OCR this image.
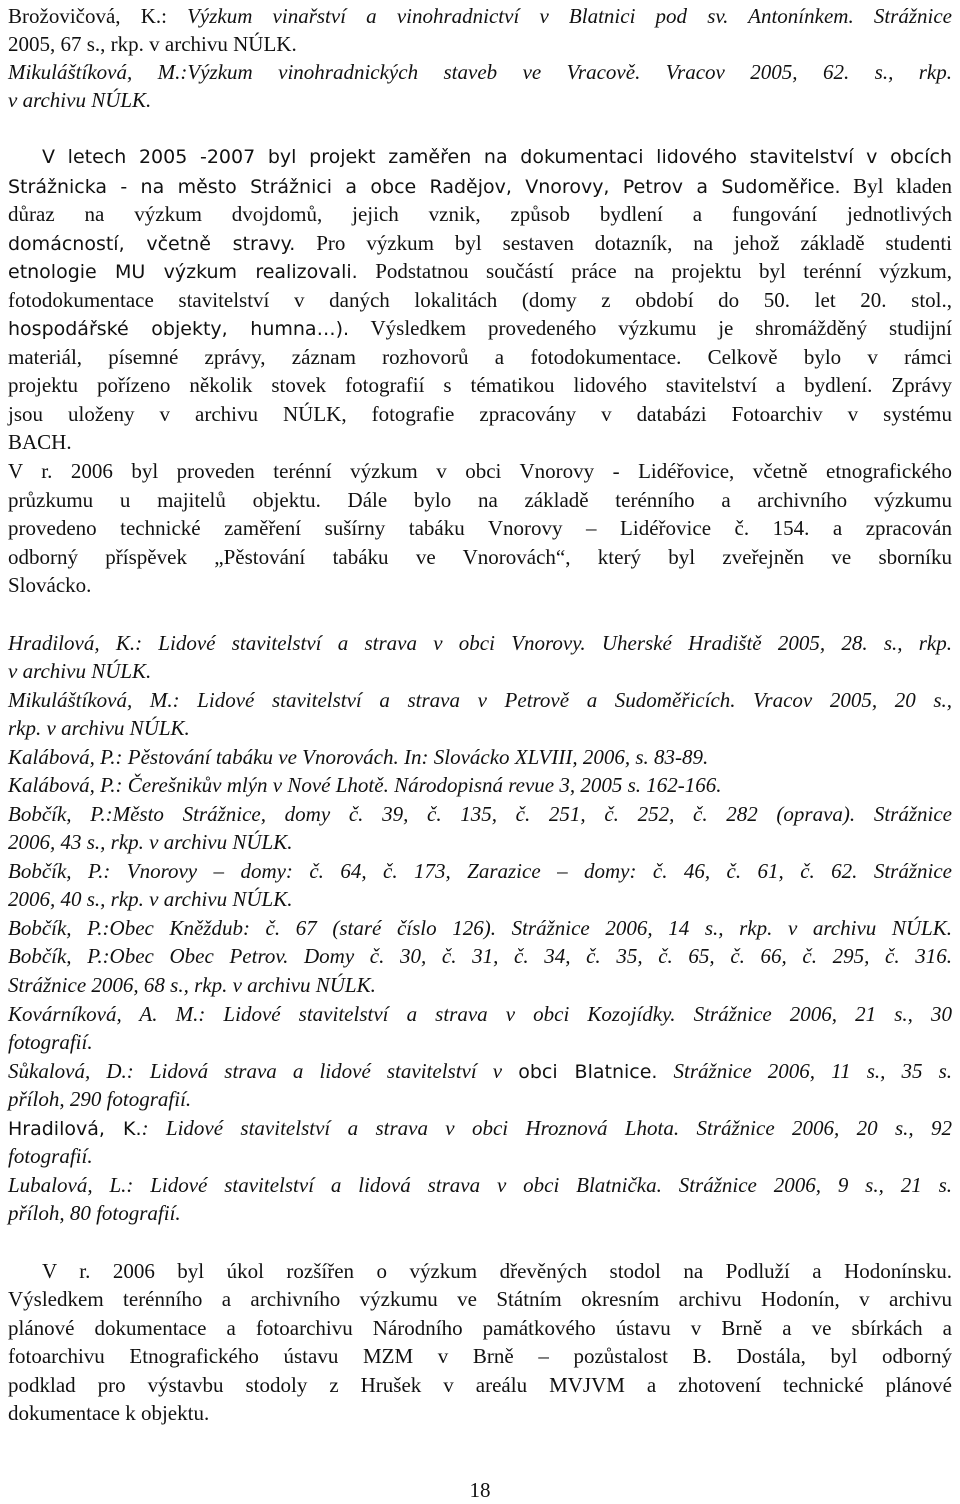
Brožovičová, K.: Výzkum vinařství a vinohradnictví v Blatnici pod sv. Antonínkem. Strážnice
2005, 67 s., rkp. v archivu NÚLK.
Mikuláštíková, M.:Výzkum vinohradnických staveb ve Vracově. Vracov 2005, 62. s., rkp.
v archivu NÚLK.
V letech 2005 -2007 byl projekt zaměřen na dokumentaci lidového stavitelství v obcích
Strážnicka - na město Strážnici a obce Radějov, Vnorovy, Petrov a Sudoměřice. Byl kladen
důraz na výzkum dvojdomů, jejich vznik, způsob bydlení a fungování jednotlivých
domácností, včetně stravy. Pro výzkum byl sestaven dotazník, na jehož základě studenti
etnologie MU výzkum realizovali. Podstatnou součástí práce na projektu byl terénní výzkum,
fotodokumentace stavitelství v daných lokalitách (domy z období do 50. let 20. stol.,
hospodářské objekty, humna…). Výsledkem provedeného výzkumu je shromážděný studijní
materiál, písemné zprávy, záznam rozhovorů a fotodokumentace. Celkově bylo v rámci
projektu pořízeno několik stovek fotografií s tématikou lidového stavitelství a bydlení. Zprávy
jsou uloženy v archivu NÚLK, fotografie zpracovány v databázi Fotoarchiv v systému
BACH.
V r. 2006 byl proveden terénní výzkum v obci Vnorovy - Lidéřovice, včetně etnografického
průzkumu u majitelů objektu. Dále bylo na základě terénního a archivního výzkumu
provedeno technické zaměření sušírny tabáku Vnorovy – Lidéřovice č. 154. a zpracován
odborný příspěvek „Pěstování tabáku ve Vnorovách“, který byl zveřejněn ve sborníku
Slovácko.
Hradilová, K.: Lidové stavitelství a strava v obci Vnorovy. Uherské Hradiště 2005, 28. s., rkp.
v archivu NÚLK.
Mikuláštíková, M.: Lidové stavitelství a strava v Petrově a Sudoměřicích. Vracov 2005, 20 s.,
rkp. v archivu NÚLK.
Kalábová, P.: Pěstování tabáku ve Vnorovách. In: Slovácko XLVIII, 2006, s. 83-89.
Kalábová, P.: Čerešnikův mlýn v Nové Lhotě. Národopisná revue 3, 2005 s. 162-166.
Bobčík, P.:Město Strážnice, domy č. 39, č. 135, č. 251, č. 252, č. 282 (oprava). Strážnice
2006, 43 s., rkp. v archivu NÚLK.
Bobčík, P.: Vnorovy – domy: č. 64, č. 173, Zarazice – domy: č. 46, č. 61, č. 62. Strážnice
2006, 40 s., rkp. v archivu NÚLK.
Bobčík, P.:Obec Kněždub: č. 67 (staré číslo 126). Strážnice 2006, 14 s., rkp. v archivu NÚLK.
Bobčík, P.:Obec Obec Petrov. Domy č. 30, č. 31, č. 34, č. 35, č. 65, č. 66, č. 295, č. 316.
Strážnice 2006, 68 s., rkp. v archivu NÚLK.
Kovárníková, A. M.: Lidové stavitelství a strava v obci Kozojídky. Strážnice 2006, 21 s., 30
fotografií.
Sůkalová, D.: Lidová strava a lidové stavitelství v obci Blatnice. Strážnice 2006, 11 s., 35 s.
příloh, 290 fotografií.
Hradilová, K.: Lidové stavitelství a strava v obci Hroznová Lhota. Strážnice 2006, 20 s., 92
fotografií.
Lubalová, L.: Lidové stavitelství a lidová strava v obci Blatnička. Strážnice 2006, 9 s., 21 s.
příloh, 80 fotografií.
V r. 2006 byl úkol rozšířen o výzkum dřevěných stodol na Podluží a Hodonínsku.
Výsledkem terénního a archivního výzkumu ve Státním okresním archivu Hodonín, v archivu
plánové dokumentace a fotoarchivu Národního památkového ústavu v Brně a ve sbírkách a
fotoarchivu Etnografického ústavu MZM v Brně – pozůstalost B. Dostála, byl odborný
podklad pro výstavbu stodoly z Hrušek v areálu MVJVM a zhotovení technické plánové
dokumentace k objektu.
18
